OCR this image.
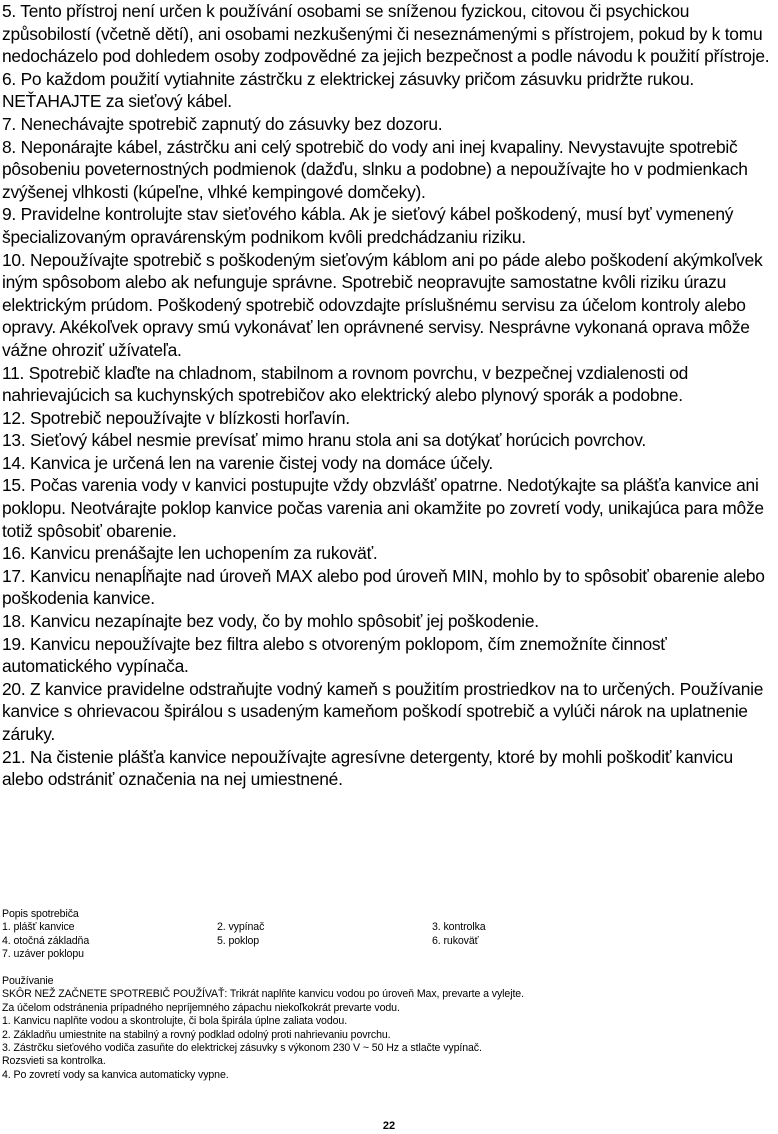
5. Tento přístroj není určen k používání osobami se sníženou fyzickou, citovou či psychickou způsobilostí (včetně dětí), ani osobami nezkušenými či neseznámenými s přístrojem, pokud by k tomu nedocházelo pod dohledem osoby zodpovědné za jejich bezpečnost a podle návodu k použití přístroje.

6. Po každom použití vytiahnite zástrčku z elektrickej zásuvky pričom zásuvku pridržte rukou. NEŤAHAJTE za sieťový kábel.

7. Nenechávajte spotrebič zapnutý do zásuvky bez dozoru.

8. Neponárajte kábel, zástrčku ani celý spotrebič do vody ani inej kvapaliny. Nevystavujte spotrebič pôsobeniu poveternostných podmienok (dažďu, slnku a podobne) a nepoužívajte ho v podmienkach zvýšenej vlhkosti (kúpeľne, vlhké kempingové domčeky).

9. Pravidelne kontrolujte stav sieťového kábla. Ak je sieťový kábel poškodený, musí byť vymenený špecializovaným opravárenským podnikom kvôli predchádzaniu riziku.

10. Nepoužívajte spotrebič s poškodeným sieťovým káblom ani po páde alebo poškodení akýmkoľvek iným spôsobom alebo ak nefunguje správne. Spotrebič neopravujte samostatne kvôli riziku úrazu elektrickým prúdom. Poškodený spotrebič odovzdajte príslušnému servisu za účelom kontroly alebo opravy. Akékoľvek opravy smú vykonávať len oprávnené servisy. Nesprávne vykonaná oprava môže vážne ohroziť užívateľa.

11. Spotrebič klaďte na chladnom, stabilnom a rovnom povrchu, v bezpečnej vzdialenosti od nahrievajúcich sa kuchynských spotrebičov ako elektrický alebo plynový sporák a podobne.

12. Spotrebič nepoužívajte v blízkosti horľavín.

13. Sieťový kábel nesmie prevísať mimo hranu stola ani sa dotýkať horúcich povrchov.

14. Kanvica je určená len na varenie čistej vody na domáce účely.

15. Počas varenia vody v kanvici postupujte vždy obzvlášť opatrne. Nedotýkajte sa plášťa kanvice ani poklopu. Neotvárajte poklop kanvice počas varenia ani okamžite po zovretí vody, unikajúca para môže totiž spôsobiť obarenie.

16. Kanvicu prenášajte len uchopením za rukoväť.

17. Kanvicu nenapĺňajte nad úroveň MAX alebo pod úroveň MIN, mohlo by to spôsobiť obarenie alebo poškodenia kanvice.

18. Kanvicu nezapínajte bez vody, čo by mohlo spôsobiť jej poškodenie.

19. Kanvicu nepoužívajte bez filtra alebo s otvoreným poklopom, čím znemožníte činnosť automatického vypínača.

20. Z kanvice pravidelne odstraňujte vodný kameň s použitím prostriedkov na to určených. Používanie kanvice s ohrievacou špirálou s usadeným kameňom poškodí spotrebič a vylúči nárok na uplatnenie záruky.

21. Na čistenie plášťa kanvice nepoužívajte agresívne detergenty, ktoré by mohli poškodiť kanvicu alebo odstrániť označenia na nej umiestnené.

Popis spotrebiča

1. plášť kanvice	2. vypínač	3. kontrolka
4. otočná základňa	5. poklop	6. rukoväť
7. uzáver poklopu

Používanie

SKÔR NEŽ ZAČNETE SPOTREBIČ POUŽÍVAŤ: Trikrát naplňte kanvicu vodou po úroveň Max, prevarte a vylejte.

Za účelom odstránenia prípadného nepríjemného zápachu niekoľkokrát prevarte vodu.

1. Kanvicu naplňte vodou a skontrolujte, či bola špirála úplne zaliata vodou.

2. Základňu umiestnite na stabilný a rovný podklad odolný proti nahrievaniu povrchu.

3. Zástrčku sieťového vodiča zasuňte do elektrickej zásuvky s výkonom 230 V ~ 50 Hz a stlačte vypínač.

Rozsvieti sa kontrolka.

4. Po zovretí vody sa kanvica automaticky vypne.

22
